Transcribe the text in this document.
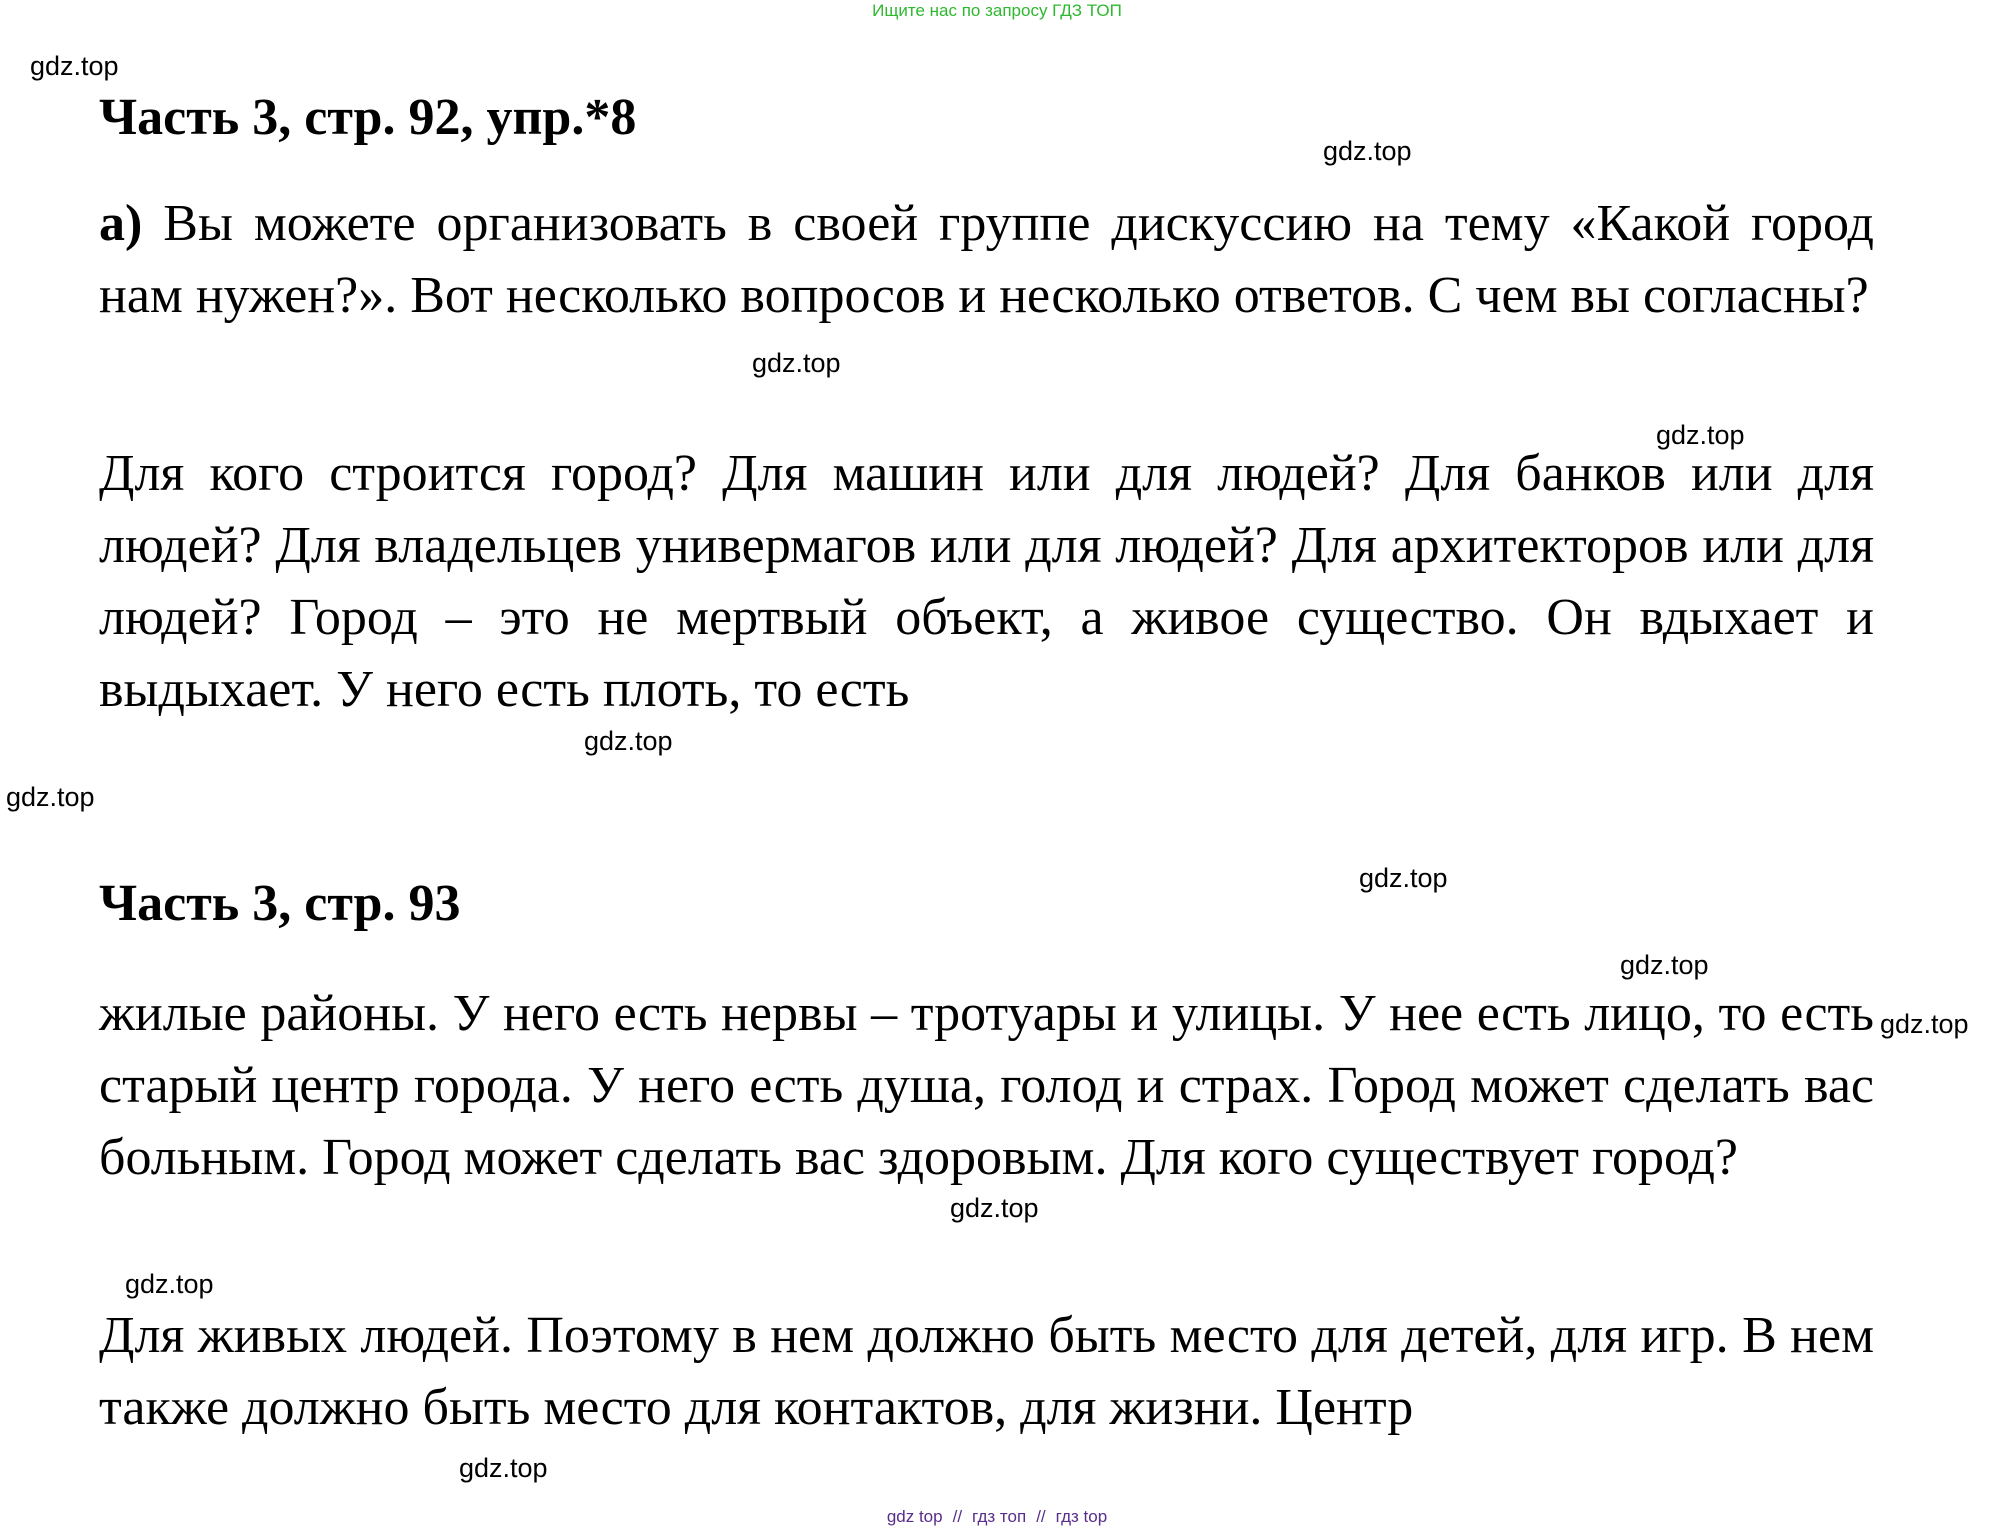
Ищите нас по запросу ГДЗ ТОП
gdz.top
gdz.top
gdz.top
gdz.top
gdz.top
gdz.top
gdz.top
gdz.top
gdz.top
gdz.top
gdz.top
gdz.top
Часть 3, стр. 92, упр.*8

а) Вы можете организовать в своей группе дискуссию на тему «Какой город нам нужен?». Вот несколько вопросов и несколько ответов. С чем вы согласны?

Для кого строится город? Для машин или для людей? Для банков или для людей? Для владельцев универмагов или для людей? Для архитекторов или для людей? Город – это не мертвый объект, а живое существо. Он вдыхает и выдыхает. У него есть плоть, то есть

Часть 3, стр. 93

жилые районы. У него есть нервы – тротуары и улицы. У нее есть лицо, то есть старый центр города. У него есть душа, голод и страх. Город может сделать вас больным. Город может сделать вас здоровым. Для кого существует город?

Для живых людей. Поэтому в нем должно быть место для детей, для игр. В нем также должно быть место для контактов, для жизни. Центр

gdz top // гдз топ // гдз top
